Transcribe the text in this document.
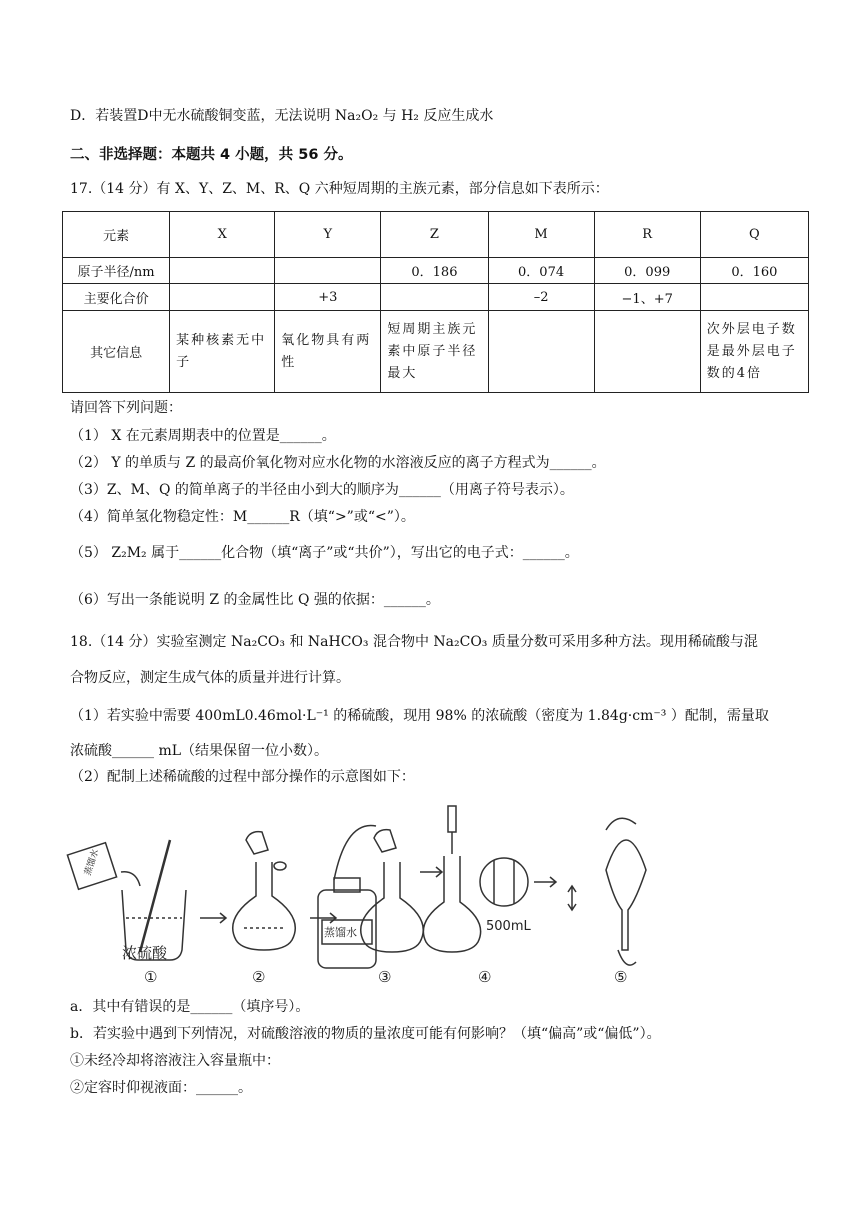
D．若装置D中无水硫酸铜变蓝，无法说明 Na₂O₂ 与 H₂ 反应生成水
二、非选择题：本题共 4 小题，共 56 分。
17.（14 分）有 X、Y、Z、M、R、Q 六种短周期的主族元素，部分信息如下表所示：
元素	X	Y	Z	M	R	Q
原子半径/nm			0．186	0．074	0．099	0．160
主要化合价		+3		–2	−1、+7	
其它信息	某种核素无中子	氧化物具有两性	短周期主族元素中原子半径最大			次外层电子数是最外层电子数的4倍
请回答下列问题：
（1） X 在元素周期表中的位置是______。
（2） Y 的单质与 Z 的最高价氧化物对应水化物的水溶液反应的离子方程式为______。
（3）Z、M、Q 的简单离子的半径由小到大的顺序为______（用离子符号表示）。
（4）简单氢化物稳定性：M______R（填“>”或“<”）。
（5） Z₂M₂ 属于______化合物（填“离子”或“共价”），写出它的电子式：______。
（6）写出一条能说明 Z 的金属性比 Q 强的依据：______。
18.（14 分）实验室测定 Na₂CO₃ 和 NaHCO₃ 混合物中 Na₂CO₃ 质量分数可采用多种方法。现用稀硫酸与混
合物反应，测定生成气体的质量并进行计算。
（1）若实验中需要 400mL0.46mol·L⁻¹ 的稀硫酸，现用 98% 的浓硫酸（密度为 1.84g·cm⁻³ ）配制，需量取
浓硫酸______ mL（结果保留一位小数）。
（2）配制上述稀硫酸的过程中部分操作的示意图如下：
蒸馏水
蒸馏水
浓硫酸
500mL
①	②	③	④	⑤
a．其中有错误的是______（填序号）。
b．若实验中遇到下列情况，对硫酸溶液的物质的量浓度可能有何影响？（填“偏高”或“偏低”）。
①未经冷却将溶液注入容量瓶中：
②定容时仰视液面：______。
